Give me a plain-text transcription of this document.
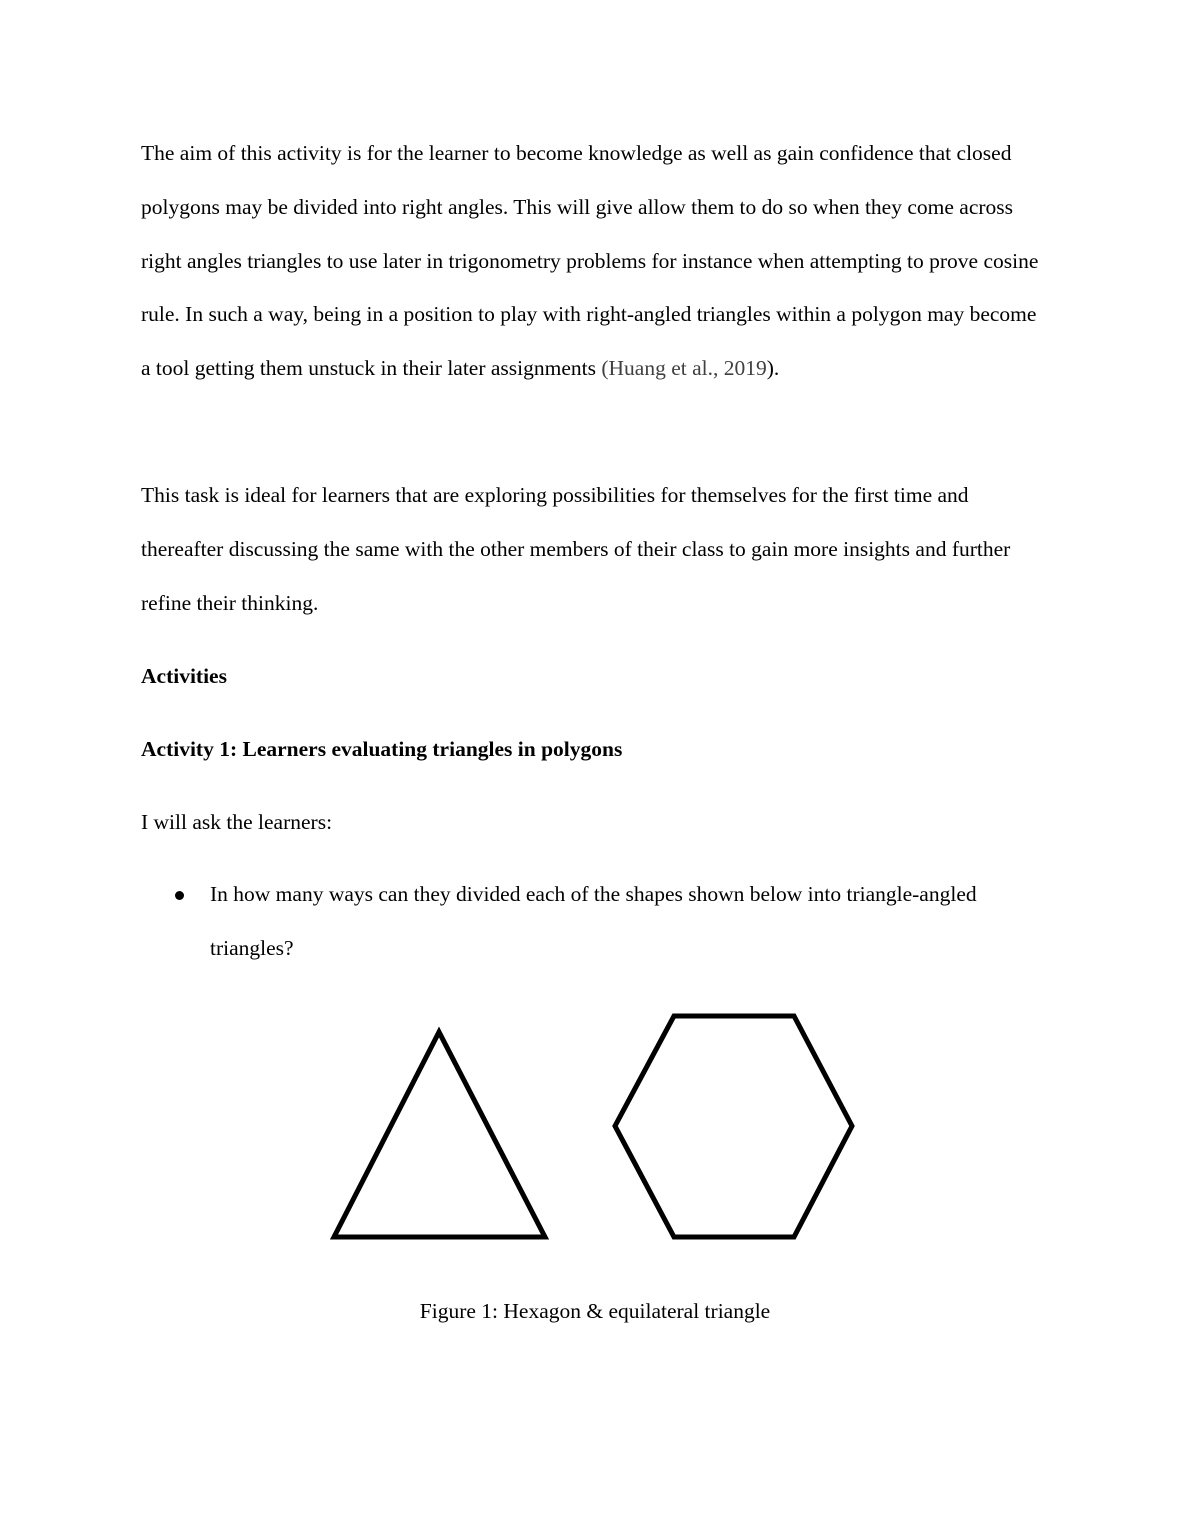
The aim of this activity is for the learner to become knowledge as well as gain confidence that closed polygons may be divided into right angles. This will give allow them to do so when they come across right angles triangles to use later in trigonometry problems for instance when attempting to prove cosine rule. In such a way, being in a position to play with right-angled triangles within a polygon may become a tool getting them unstuck in their later assignments (Huang et al., 2019).

This task is ideal for learners that are exploring possibilities for themselves for the first time and thereafter discussing the same with the other members of their class to gain more insights and further refine their thinking.

Activities

Activity 1: Learners evaluating triangles in polygons

I will ask the learners:

In how many ways can they divided each of the shapes shown below into triangle-angled triangles?

Figure 1: Hexagon & equilateral triangle
